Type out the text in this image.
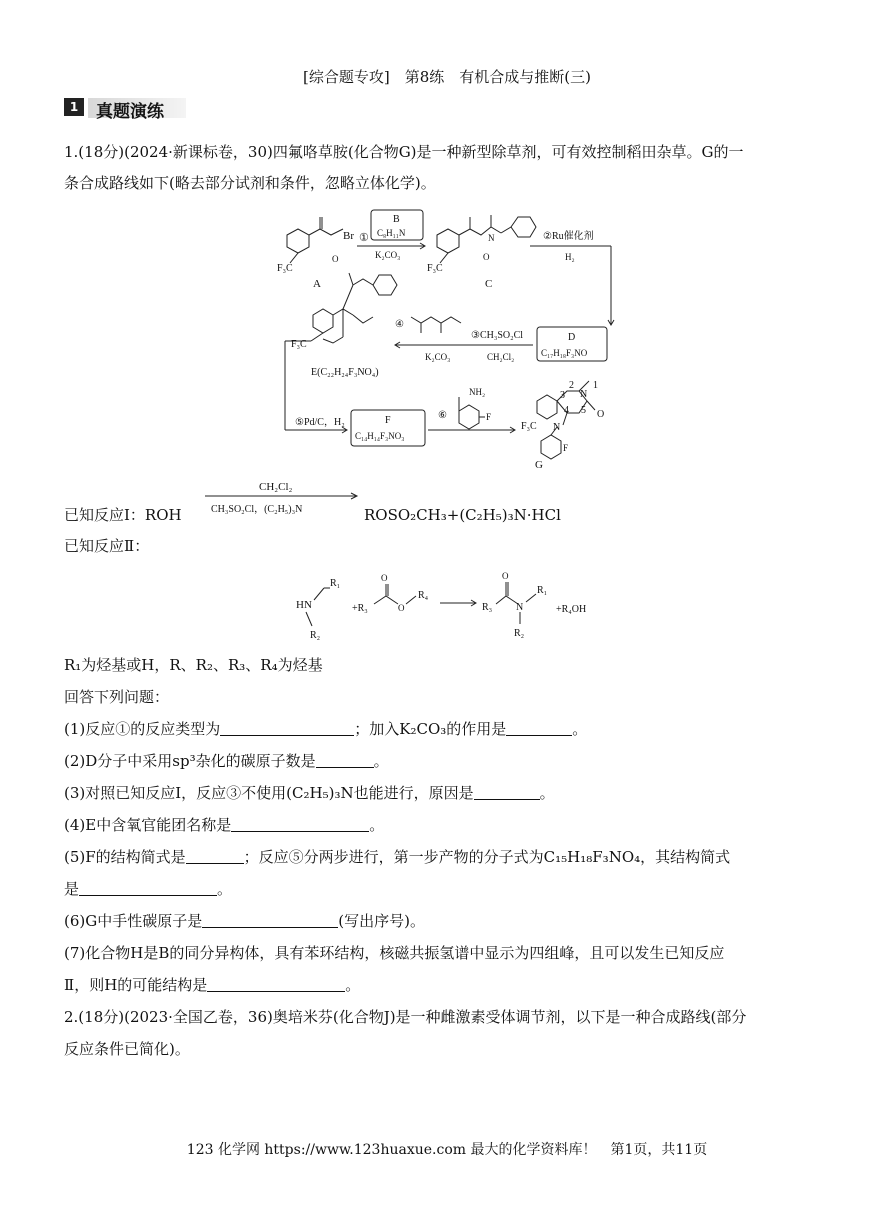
[综合题专攻]　第8练　有机合成与推断(三)
1	真题演练
1.(18分)(2024·新课标卷，30)四氟咯草胺(化合物G)是一种新型除草剂，可有效控制稻田杂草。G的一
条合成路线如下(略去部分试剂和条件，忽略立体化学)。
F₃C
Br
O
A
①
B
C₈H₁₁N
K₂CO₃
F₃C
O
N
C
②Ru催化剂
H₂
D
C₁₇H₁₈F₃NO
③CH₃SO₂Cl
CH₂Cl₂
K₂CO₃
④
F₃C
E(C₂₂H₂₄F₃NO₄)
⑤Pd/C，H₂	F
C₁₄H₁₄F₃NO₃
⑥
NH₂
F
F₃C
3
2 1
N
4 5 O
N
G
F
已知反应Ⅰ：ROH
CH₂Cl₂
CH₃SO₂Cl，(C₂H₅)₃N	ROSO₂CH₃+(C₂H₅)₃N·HCl
已知反应Ⅱ：
HN
R₁
R₂
+R₃
O
O
R₄
R₃
O
N
R₁
R₂
+R₄OH
R₁为烃基或H，R、R₂、R₃、R₄为烃基
回答下列问题：
(1)反应①的反应类型为	；加入K₂CO₃的作用是	。
(2)D分子中采用sp³杂化的碳原子数是	。
(3)对照已知反应Ⅰ，反应③不使用(C₂H₅)₃N也能进行，原因是	。
(4)E中含氧官能团名称是	。
(5)F的结构简式是	；反应⑤分两步进行，第一步产物的分子式为C₁₅H₁₈F₃NO₄，其结构简式
是	。
(6)G中手性碳原子是	(写出序号)。
(7)化合物H是B的同分异构体，具有苯环结构，核磁共振氢谱中显示为四组峰，且可以发生已知反应
Ⅱ，则H的可能结构是	。
2.(18分)(2023·全国乙卷，36)奥培米芬(化合物J)是一种雌激素受体调节剂，以下是一种合成路线(部分
反应条件已简化)。
123 化学网 https://www.123huaxue.com 最大的化学资料库！　第1页，共11页
